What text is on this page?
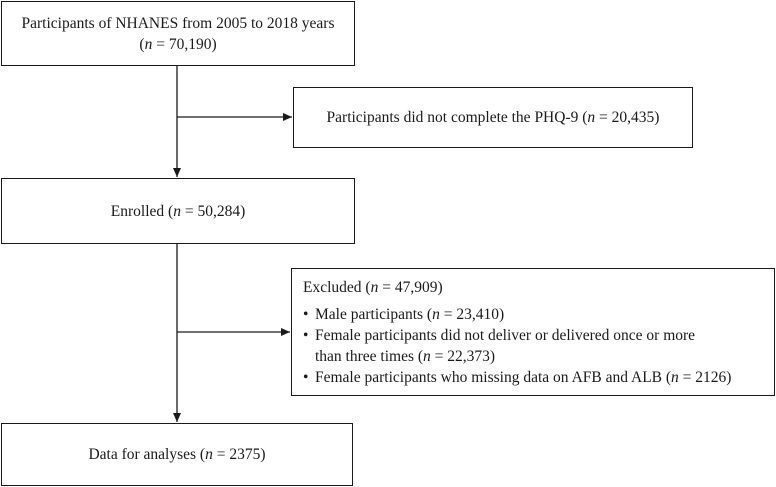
Participants of NHANES from 2005 to 2018 years
(n = 70,190)
Participants did not complete the PHQ-9 (n = 20,435)
Enrolled (n = 50,284)
Excluded (n = 47,909)
• Male participants (n = 23,410)
• Female participants did not deliver or delivered once or more
than three times (n = 22,373)
• Female participants who missing data on AFB and ALB (n = 2126)
Data for analyses (n = 2375)
